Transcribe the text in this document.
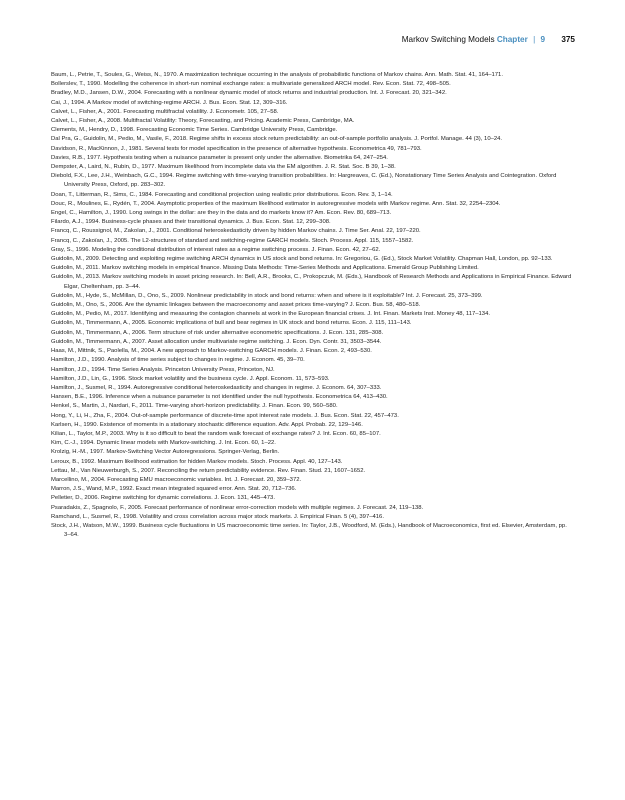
Markov Switching Models Chapter | 9 375
Baum, L., Petrie, T., Soules, G., Weiss, N., 1970. A maximization technique occurring in the analysis of probabilistic functions of Markov chains. Ann. Math. Stat. 41, 164–171.
Bollerslev, T., 1990. Modelling the coherence in short-run nominal exchange rates: a multivariate generalized ARCH model. Rev. Econ. Stat. 72, 498–505.
Bradley, M.D., Jansen, D.W., 2004. Forecasting with a nonlinear dynamic model of stock returns and industrial production. Int. J. Forecast. 20, 321–342.
Cai, J., 1994. A Markov model of switching-regime ARCH. J. Bus. Econ. Stat. 12, 309–316.
Calvet, L., Fisher, A., 2001. Forecasting multifractal volatility. J. Econometr. 105, 27–58.
Calvet, L., Fisher, A., 2008. Multifractal Volatility: Theory, Forecasting, and Pricing. Academic Press, Cambridge, MA.
Clements, M., Hendry, D., 1998. Forecasting Economic Time Series. Cambridge University Press, Cambridge.
Dal Pra, G., Guidolin, M., Pedio, M., Vasile, F., 2018. Regime shifts in excess stock return predictability: an out-of-sample portfolio analysis. J. Portfol. Manage. 44 (3), 10–24.
Davidson, R., MacKinnon, J., 1981. Several tests for model specification in the presence of alternative hypothesis. Econometrica 49, 781–793.
Davies, R.B., 1977. Hypothesis testing when a nuisance parameter is present only under the alternative. Biometrika 64, 247–254.
Dempster, A., Laird, N., Rubin, D., 1977. Maximum likelihood from incomplete data via the EM algorithm. J. R. Stat. Soc. B 39, 1–38.
Diebold, F.X., Lee, J.H., Weinbach, G.C., 1994. Regime switching with time-varying transition probabilities. In: Hargreaves, C. (Ed.), Nonstationary Time Series Analysis and Cointegration. Oxford University Press, Oxford, pp. 283–302.
Doan, T., Litterman, R., Sims, C., 1984. Forecasting and conditional projection using realistic prior distributions. Econ. Rev. 3, 1–14.
Douc, R., Moulines, E., Rydén, T., 2004. Asymptotic properties of the maximum likelihood estimator in autoregressive models with Markov regime. Ann. Stat. 32, 2254–2304.
Engel, C., Hamilton, J., 1990. Long swings in the dollar: are they in the data and do markets know it? Am. Econ. Rev. 80, 689–713.
Filardo, A.J., 1994. Business-cycle phases and their transitional dynamics. J. Bus. Econ. Stat. 12, 299–308.
Francq, C., Roussignol, M., Zakoïan, J., 2001. Conditional heteroskedasticity driven by hidden Markov chains. J. Time Ser. Anal. 22, 197–220.
Francq, C., Zakoïan, J., 2005. The L2-structures of standard and switching-regime GARCH models. Stoch. Process. Appl. 115, 1557–1582.
Gray, S., 1996. Modeling the conditional distribution of interest rates as a regime switching process. J. Finan. Econ. 42, 27–62.
Guidolin, M., 2009. Detecting and exploiting regime switching ARCH dynamics in US stock and bond returns. In: Gregoriou, G. (Ed.), Stock Market Volatility. Chapman Hall, London, pp. 92–133.
Guidolin, M., 2011. Markov switching models in empirical finance. Missing Data Methods: Time-Series Methods and Applications. Emerald Group Publishing Limited.
Guidolin, M., 2013. Markov switching models in asset pricing research. In: Bell, A.R., Brooks, C., Prokopczuk, M. (Eds.), Handbook of Research Methods and Applications in Empirical Finance. Edward Elgar, Cheltenham, pp. 3–44.
Guidolin, M., Hyde, S., McMillan, D., Ono, S., 2009. Nonlinear predictability in stock and bond returns: when and where is it exploitable? Int. J. Forecast. 25, 373–399.
Guidolin, M., Ono, S., 2006. Are the dynamic linkages between the macroeconomy and asset prices time-varying? J. Econ. Bus. 58, 480–518.
Guidolin, M., Pedio, M., 2017. Identifying and measuring the contagion channels at work in the European financial crises. J. Int. Finan. Markets Inst. Money 48, 117–134.
Guidolin, M., Timmermann, A., 2005. Economic implications of bull and bear regimes in UK stock and bond returns. Econ. J. 115, 111–143.
Guidolin, M., Timmermann, A., 2006. Term structure of risk under alternative econometric specifications. J. Econ. 131, 285–308.
Guidolin, M., Timmermann, A., 2007. Asset allocation under multivariate regime switching. J. Econ. Dyn. Contr. 31, 3503–3544.
Haas, M., Mittnik, S., Paolella, M., 2004. A new approach to Markov-switching GARCH models. J. Finan. Econ. 2, 493–530.
Hamilton, J.D., 1990. Analysis of time series subject to changes in regime. J. Econom. 45, 39–70.
Hamilton, J.D., 1994. Time Series Analysis. Princeton University Press, Princeton, NJ.
Hamilton, J.D., Lin, G., 1996. Stock market volatility and the business cycle. J. Appl. Econom. 11, 573–593.
Hamilton, J., Susmel, R., 1994. Autoregressive conditional heteroskedasticity and changes in regime. J. Econom. 64, 307–333.
Hansen, B.E., 1996. Inference when a nuisance parameter is not identified under the null hypothesis. Econometrica 64, 413–430.
Henkel, S., Martin, J., Nardari, F., 2011. Time-varying short-horizon predictability. J. Finan. Econ. 99, 560–580.
Hong, Y., Li, H., Zha, F., 2004. Out-of-sample performance of discrete-time spot interest rate models. J. Bus. Econ. Stat. 22, 457–473.
Karlsen, H., 1990. Existence of moments in a stationary stochastic difference equation. Adv. Appl. Probab. 22, 129–146.
Kilian, L., Taylor, M.P., 2003. Why is it so difficult to beat the random walk forecast of exchange rates? J. Int. Econ. 60, 85–107.
Kim, C.-J., 1994. Dynamic linear models with Markov-switching. J. Int. Econ. 60, 1–22.
Krolzig, H.-M., 1997. Markov-Switching Vector Autoregressions. Springer-Verlag, Berlin.
Leroux, B., 1992. Maximum likelihood estimation for hidden Markov models. Stoch. Process. Appl. 40, 127–143.
Lettau, M., Van Nieuwerburgh, S., 2007. Reconciling the return predictability evidence. Rev. Finan. Stud. 21, 1607–1652.
Marcellino, M., 2004. Forecasting EMU macroeconomic variables. Int. J. Forecast. 20, 359–372.
Marron, J.S., Wand, M.P., 1992. Exact mean integrated squared error. Ann. Stat. 20, 712–736.
Pelletier, D., 2006. Regime switching for dynamic correlations. J. Econ. 131, 445–473.
Psaradakis, Z., Spagnolo, F., 2005. Forecast performance of nonlinear error-correction models with multiple regimes. J. Forecast. 24, 119–138.
Ramchand, L., Susmel, R., 1998. Volatility and cross correlation across major stock markets. J. Empirical Finan. 5 (4), 397–416.
Stock, J.H., Watson, M.W., 1999. Business cycle fluctuations in US macroeconomic time series. In: Taylor, J.B., Woodford, M. (Eds.), Handbook of Macroeconomics, first ed. Elsevier, Amsterdam, pp. 3–64.
